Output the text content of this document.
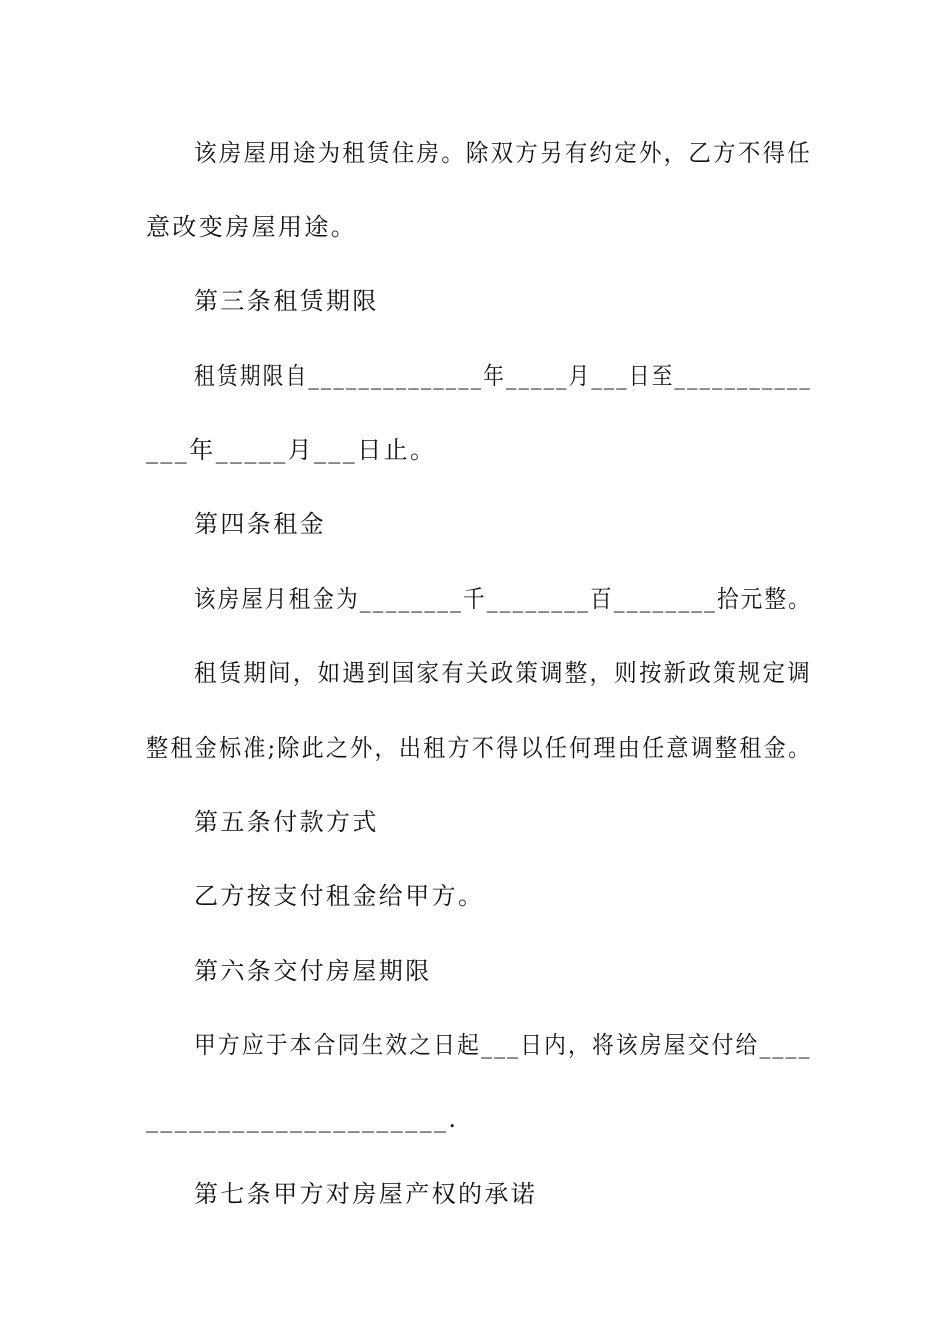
该房屋用途为租赁住房。除双方另有约定外，乙方不得任
意改变房屋用途。
第三条租赁期限
租赁期限自______________年_____月___日至___________
___年_____月___日止。
第四条租金
该房屋月租金为________千________百________拾元整。
租赁期间，如遇到国家有关政策调整，则按新政策规定调
整租金标准;除此之外，出租方不得以任何理由任意调整租金。
第五条付款方式
乙方按支付租金给甲方。
第六条交付房屋期限
甲方应于本合同生效之日起___日内，将该房屋交付给____
_____________________.
第七条甲方对房屋产权的承诺
